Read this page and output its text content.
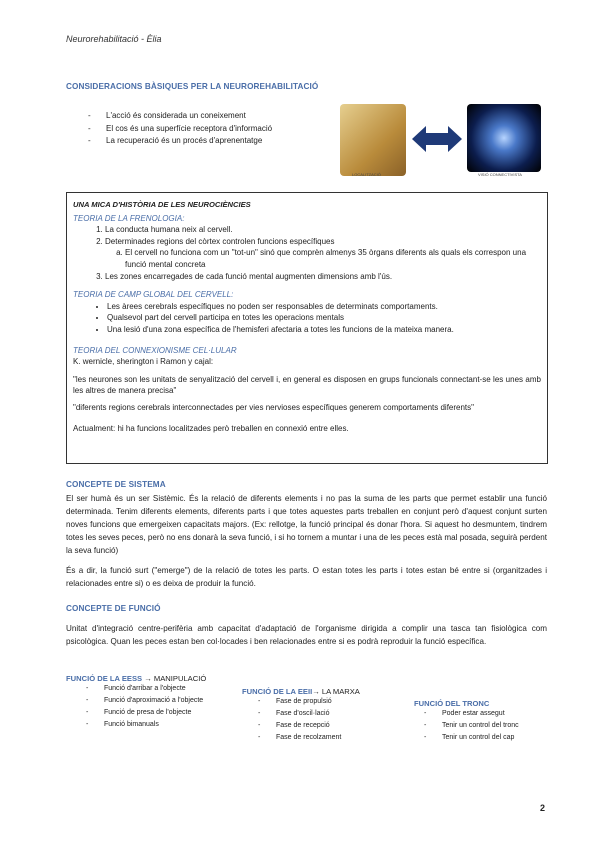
Neurorehabilitació - Èlia
CONSIDERACIONS BÀSIQUES PER LA NEUROREHABILITACIÓ
- L'acció és considerada un coneixement
- El cos és una superfície receptora d'informació
- La recuperació és un procés d'aprenentatge
LOCALITZACIÓ	VISIÓ CONNECTIVISTA
UNA MICA D'HISTÒRIA DE LES NEUROCIÈNCIES
TEORIA DE LA FRENOLOGIA:
1. La conducta humana neix al cervell.
2. Determinades regions del còrtex controlen funcions específiques
a. El cervell no funciona com un "tot-un" sinó que comprèn almenys 35 òrgans diferents als quals els correspon una funció mental concreta
3. Les zones encarregades de cada funció mental augmenten dimensions amb l'ús.
TEORIA DE CAMP GLOBAL DEL CERVELL:
• Les àrees cerebrals específiques no poden ser responsables de determinats comportaments.
• Qualsevol part del cervell participa en totes les operacions mentals
• Una lesió d'una zona específica de l'hemisferi afectaria a totes les funcions de la mateixa manera.
TEORIA DEL CONNEXIONISME CEL·LULAR
K. wernicle, sherington i Ramon y cajal:
"les neurones son les unitats de senyalització del cervell i, en general es disposen en grups funcionals connectant-se les unes amb les altres de manera precisa"
"diferents regions cerebrals interconnectades per vies nervioses específiques generem comportaments diferents"
Actualment: hi ha funcions localitzades però treballen en connexió entre elles.
CONCEPTE DE SISTEMA
El ser humà és un ser Sistèmic. És la relació de diferents elements i no pas la suma de les parts que permet establir una funció determinada. Tenim diferents elements, diferents parts i que totes aquestes parts treballen en conjunt però d'aquest conjunt surten noves funcions que emergeixen capacitats majors. (Ex: rellotge, la funció principal és donar l'hora. Si aquest ho desmuntem, tindrem totes les seves peces, però no ens donarà la seva funció, i si ho tornem a muntar i una de les peces està mal posada, seguirà perdent la seva funció)
És a dir, la funció surt ("emerge") de la relació de totes les parts. O estan totes les parts i totes estan bé entre si (organitzades i relacionades entre si) o es deixa de produir la funció.
CONCEPTE DE FUNCIÓ
Unitat d'integració centre-perifèria amb capacitat d'adaptació de l'organisme dirigida a complir una tasca tan fisiològica com psicològica. Quan les peces estan ben col·locades i ben relacionades entre si es podrà reproduir la funció específica.
FUNCIÓ DE LA EESS → MANIPULACIÓ
- Funció d'arribar a l'objecte
- Funció d'aproximació a l'objecte
- Funció de presa de l'objecte
- Funció bimanuals
FUNCIÓ DE LA EEII→ LA MARXA
- Fase de propulsió
- Fase d'oscil·lació
- Fase de recepció
- Fase de recolzament
FUNCIÓ DEL TRONC
- Poder estar assegut
- Tenir un control del tronc
- Tenir un control del cap
2
